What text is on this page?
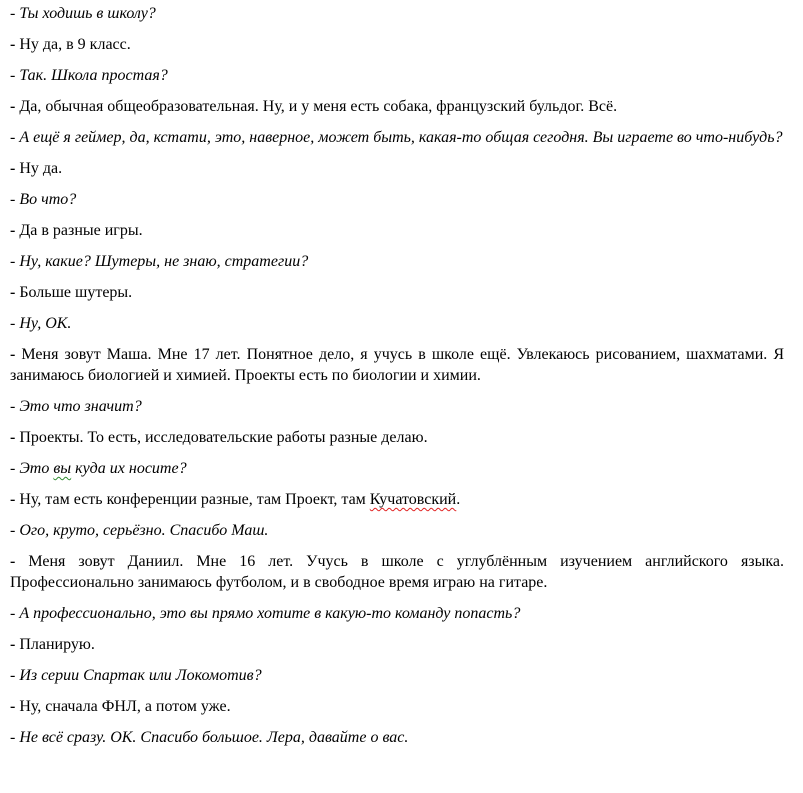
- Ты ходишь в школу?

- Ну да, в 9 класс.

- Так. Школа простая?

- Да, обычная общеобразовательная. Ну, и у меня есть собака, французский бульдог. Всё.

- А ещё я геймер, да, кстати, это, наверное, может быть, какая-то общая сегодня. Вы играете во что-нибудь?

- Ну да.

- Во что?

- Да в разные игры.

- Ну, какие? Шутеры, не знаю, стратегии?

- Больше шутеры.

- Ну, ОК.

- Меня зовут Маша. Мне 17 лет. Понятное дело, я учусь в школе ещё. Увлекаюсь рисованием, шахматами. Я занимаюсь биологией и химией. Проекты есть по биологии и химии.

- Это что значит?

- Проекты. То есть, исследовательские работы разные делаю.

- Это вы куда их носите?

- Ну, там есть конференции разные, там Проект, там Кучатовский.

- Ого, круто, серьёзно. Спасибо Маш.

- Меня зовут Даниил. Мне 16 лет. Учусь в школе с углублённым изучением английского языка. Профессионально занимаюсь футболом, и в свободное время играю на гитаре.

- А профессионально, это вы прямо хотите в какую-то команду попасть?

- Планирую.

- Из серии Спартак или Локомотив?

- Ну, сначала ФНЛ, а потом уже.

- Не всё сразу. ОК. Спасибо большое. Лера, давайте о вас.
